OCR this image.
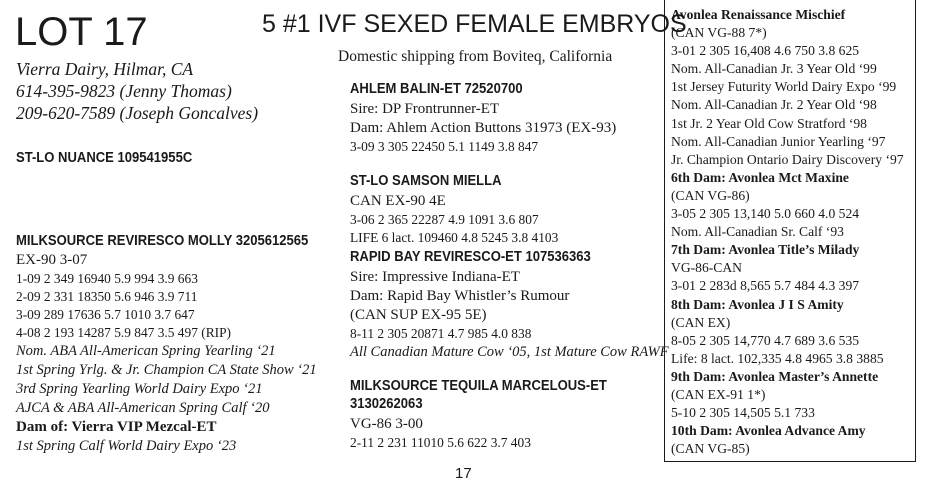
LOT 17	5 #1 IVF SEXED FEMALE EMBRYOS
Domestic shipping from Boviteq, California
Vierra Dairy, Hilmar, CA
614-395-9823 (Jenny Thomas)
209-620-7589 (Joseph Goncalves)
ST-LO NUANCE 109541955C
MILKSOURCE REVIRESCO MOLLY 3205612565
EX-90 3-07
1-09 2 349 16940 5.9 994 3.9 663
2-09 2 331 18350 5.6 946 3.9 711
3-09 289 17636 5.7 1010 3.7 647
4-08 2 193 14287 5.9 847 3.5 497 (RIP)
Nom. ABA All-American Spring Yearling ‘21
1st Spring Yrlg. & Jr. Champion CA State Show ‘21
3rd Spring Yearling World Dairy Expo ‘21
AJCA & ABA All-American Spring Calf ‘20
Dam of: Vierra VIP Mezcal-ET
1st Spring Calf World Dairy Expo ‘23
AHLEM BALIN-ET 72520700
Sire: DP Frontrunner-ET
Dam: Ahlem Action Buttons 31973 (EX-93)
3-09 3 305 22450 5.1 1149 3.8 847
ST-LO SAMSON MIELLA
CAN EX-90 4E
3-06 2 365 22287 4.9 1091 3.6 807
LIFE 6 lact. 109460 4.8 5245 3.8 4103
RAPID BAY REVIRESCO-ET 107536363
Sire: Impressive Indiana-ET
Dam: Rapid Bay Whistler’s Rumour
(CAN SUP EX-95 5E)
8-11 2 305 20871 4.7 985 4.0 838
All Canadian Mature Cow ‘05, 1st Mature Cow RAWF
MILKSOURCE TEQUILA MARCELOUS-ET
3130262063
VG-86 3-00
2-11 2 231 11010 5.6 622 3.7 403
Avonlea Renaissance Mischief
(CAN VG-88 7*)
3-01 2 305 16,408 4.6 750 3.8 625
Nom. All-Canadian Jr. 3 Year Old ‘99
1st Jersey Futurity World Dairy Expo ‘99
Nom. All-Canadian Jr. 2 Year Old ‘98
1st Jr. 2 Year Old Cow Stratford ‘98
Nom. All-Canadian Junior Yearling ‘97
Jr. Champion Ontario Dairy Discovery ‘97
6th Dam: Avonlea Mct Maxine
(CAN VG-86)
3-05 2 305 13,140 5.0 660 4.0 524
Nom. All-Canadian Sr. Calf ‘93
7th Dam: Avonlea Title’s Milady
VG-86-CAN
3-01 2 283d 8,565 5.7 484 4.3 397
8th Dam: Avonlea J I S Amity
(CAN EX)
8-05 2 305 14,770 4.7 689 3.6 535
Life: 8 lact. 102,335 4.8 4965 3.8 3885
9th Dam: Avonlea Master’s Annette
(CAN EX-91 1*)
5-10 2 305 14,505 5.1 733
10th Dam: Avonlea Advance Amy
(CAN VG-85)
17
